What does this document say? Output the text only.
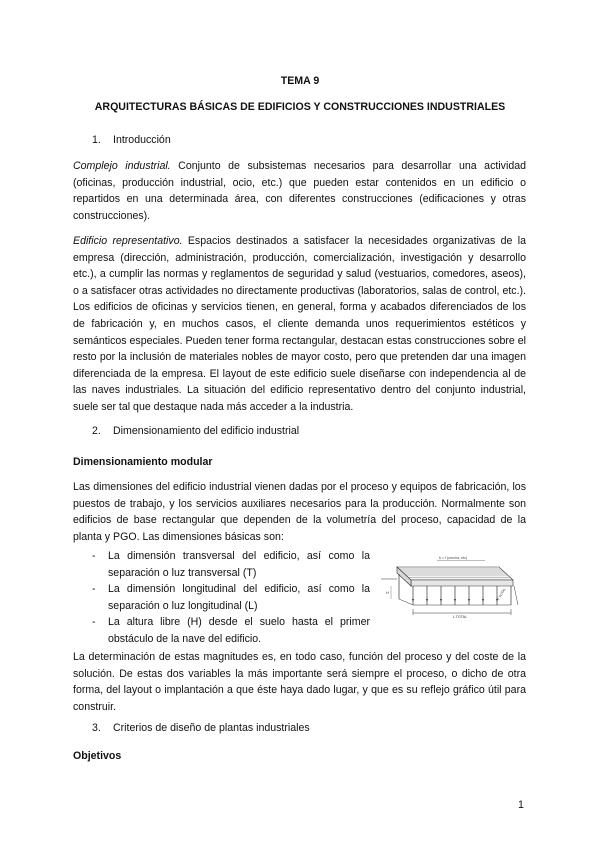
TEMA 9
ARQUITECTURAS BÁSICAS DE EDIFICIOS Y CONSTRUCCIONES INDUSTRIALES
1. Introducción
Complejo industrial. Conjunto de subsistemas necesarios para desarrollar una actividad (oficinas, producción industrial, ocio, etc.) que pueden estar contenidos en un edificio o repartidos en una determinada área, con diferentes construcciones (edificaciones y otras construcciones).
Edificio representativo. Espacios destinados a satisfacer la necesidades organizativas de la empresa (dirección, administración, producción, comercialización, investigación y desarrollo etc.), a cumplir las normas y reglamentos de seguridad y salud (vestuarios, comedores, aseos), o a satisfacer otras actividades no directamente productivas (laboratorios, salas de control, etc.). Los edificios de oficinas y servicios tienen, en general, forma y acabados diferenciados de los de fabricación y, en muchos casos, el cliente demanda unos requerimientos estéticos y semánticos especiales. Pueden tener forma rectangular, destacan estas construcciones sobre el resto por la inclusión de materiales nobles de mayor costo, pero que pretenden dar una imagen diferenciada de la empresa. El layout de este edificio suele diseñarse con independencia al de las naves industriales. La situación del edificio representativo dentro del conjunto industrial, suele ser tal que destaque nada más acceder a la industria.
2. Dimensionamiento del edificio industrial
Dimensionamiento modular
Las dimensiones del edificio industrial vienen dadas por el proceso y equipos de fabricación, los puestos de trabajo, y los servicios auxiliares necesarios para la producción. Normalmente son edificios de base rectangular que dependen de la volumetría del proceso, capacidad de la planta y PGO. Las dimensiones básicas son:
- La dimensión transversal del edificio, así como la separación o luz transversal (T)
- La dimensión longitudinal del edificio, así como la separación o luz longitudinal (L)
- La altura libre (H) desde el suelo hasta el primer obstáculo de la nave del edificio.
b = f (cercha, etc)
H
L TOTAL
T TOTAL
La determinación de estas magnitudes es, en todo caso, función del proceso y del coste de la solución. De estas dos variables la más importante será siempre el proceso, o dicho de otra forma, del layout o implantación a que éste haya dado lugar, y que es su reflejo gráfico útil para construir.
3. Criterios de diseño de plantas industriales
Objetivos
1
